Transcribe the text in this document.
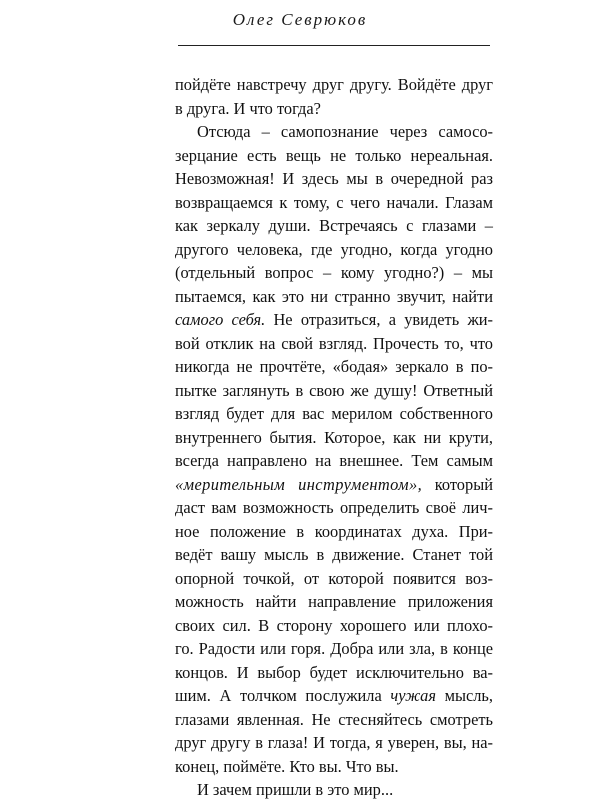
Олег Севрюков

пойдёте навстречу друг другу. Войдёте друг
в друга. И что тогда?

Отсюда – самопознание через самосо-
зерцание есть вещь не только нереальная.
Невозможная! И здесь мы в очередной раз
возвращаемся к тому, с чего начали. Глазам
как зеркалу души. Встречаясь с глазами –
другого человека, где угодно, когда угодно
(отдельный вопрос – кому угодно?) – мы
пытаемся, как это ни странно звучит, найти
самого себя. Не отразиться, а увидеть жи-
вой отклик на свой взгляд. Прочесть то, что
никогда не прочтёте, «бодая» зеркало в по-
пытке заглянуть в свою же душу! Ответный
взгляд будет для вас мерилом собственного
внутреннего бытия. Которое, как ни крути,
всегда направлено на внешнее. Тем самым
«мерительным инструментом», который
даст вам возможность определить своё лич-
ное положение в координатах духа. При-
ведёт вашу мысль в движение. Станет той
опорной точкой, от которой появится воз-
можность найти направление приложения
своих сил. В сторону хорошего или плохо-
го. Радости или горя. Добра или зла, в конце
концов. И выбор будет исключительно ва-
шим. А толчком послужила чужая мысль,
глазами явленная. Не стесняйтесь смотреть
друг другу в глаза! И тогда, я уверен, вы, на-
конец, поймёте. Кто вы. Что вы.

И зачем пришли в это мир...
